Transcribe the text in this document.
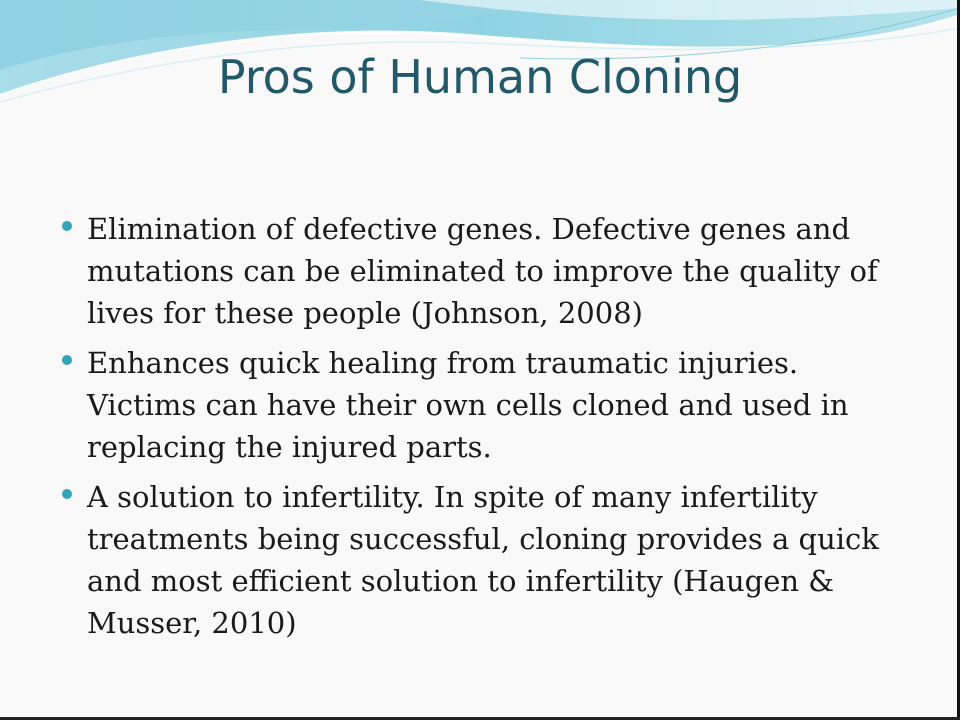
Pros of Human Cloning
Elimination of defective genes. Defective genes and mutations can be eliminated to improve the quality of lives for these people (Johnson, 2008)
Enhances quick healing from traumatic injuries. Victims can have their own cells cloned and used in replacing the injured parts.
A solution to infertility. In spite of many infertility treatments being successful, cloning provides a quick and most efficient solution to infertility (Haugen & Musser, 2010)
